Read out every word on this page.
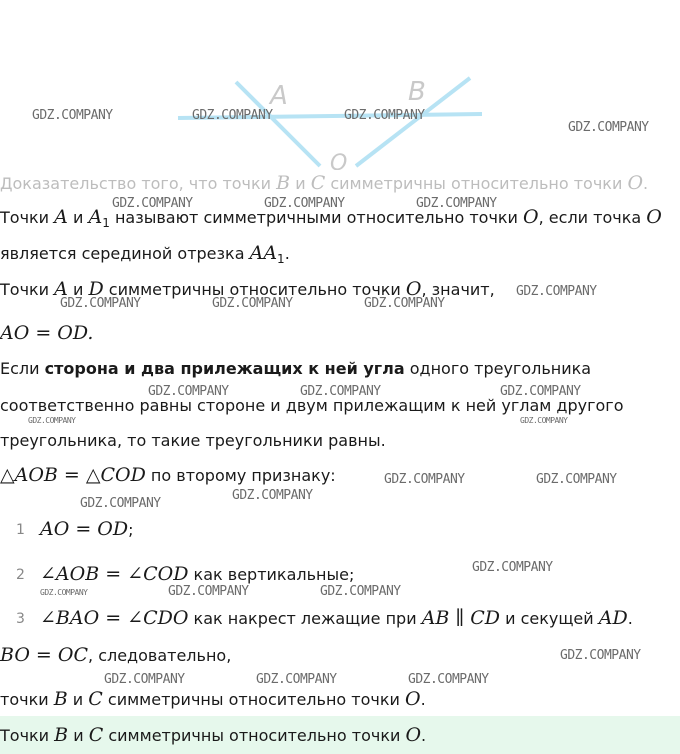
A	B
O
Доказательство того, что точки B и C симметричны относительно точки O.
Точки A и $A_1$ называют симметричными относительно точки O, если точка O
является серединой отрезка $AA_1$.
Точки A и D симметричны относительно точки O, значит,
AO = OD.
Если сторона и два прилежащих к ней угла одного треугольника
соответственно равны стороне и двум прилежащим к ней углам другого
треугольника, то такие треугольники равны.
△AOB = △COD по второму признаку:
1 AO = OD;
2 ∠AOB = ∠COD как вертикальные;
3 ∠BAO = ∠CDO как накрест лежащие при AB ∥ CD и секущей AD.
BO = OC, следовательно,
точки B и C симметричны относительно точки O.
Точки B и C симметричны относительно точки O.
GDZ.COMPANY	GDZ.COMPANY	GDZ.COMPANY
GDZ.COMPANY
GDZ.COMPANY	GDZ.COMPANY	GDZ.COMPANY
GDZ.COMPANY
GDZ.COMPANY	GDZ.COMPANY	GDZ.COMPANY
GDZ.COMPANY	GDZ.COMPANY	GDZ.COMPANY
GDZ.COMPANY	GDZ.COMPANY
GDZ.COMPANY	GDZ.COMPANY
GDZ.COMPANY
GDZ.COMPANY
GDZ.COMPANY
GDZ.COMPANY	GDZ.COMPANY	GDZ.COMPANY
GDZ.COMPANY
GDZ.COMPANY	GDZ.COMPANY	GDZ.COMPANY
